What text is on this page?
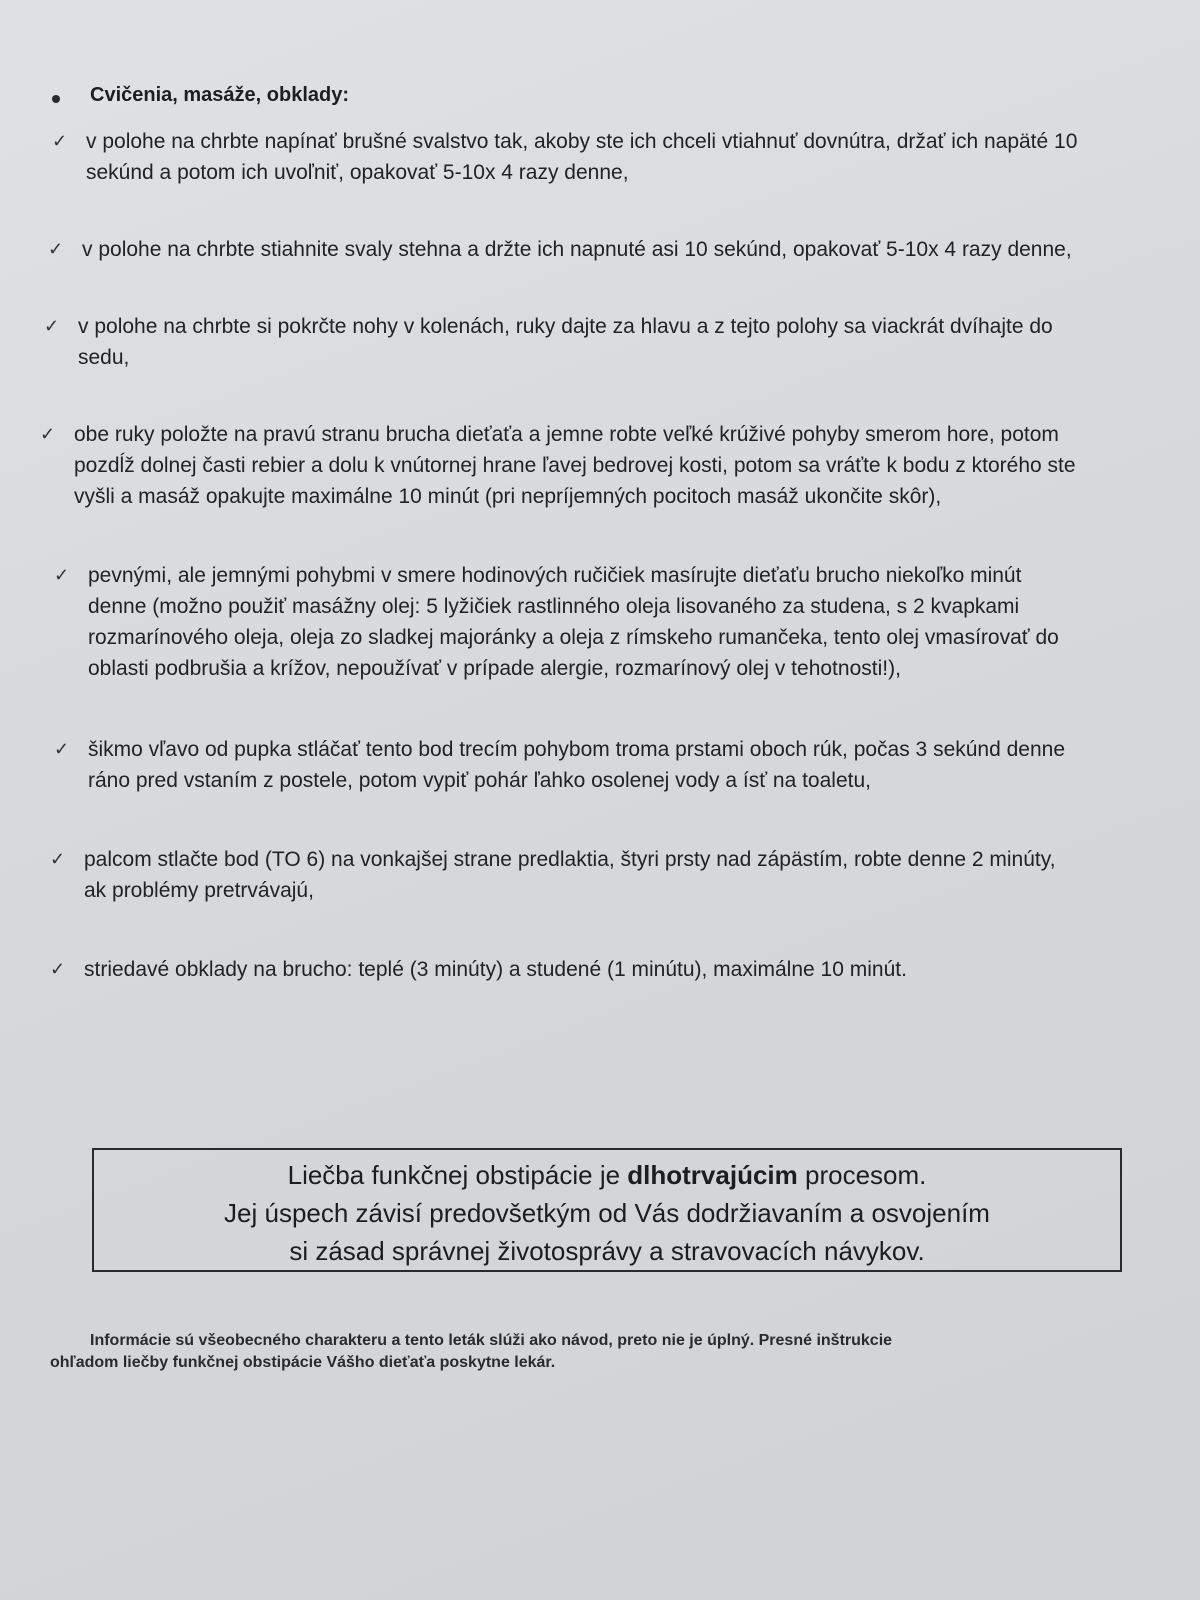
Cvičenia, masáže, obklady:
✓ v polohe na chrbte napínať brušné svalstvo tak, akoby ste ich chceli vtiahnuť dovnútra, držať ich napäté 10 sekúnd a potom ich uvoľniť, opakovať 5-10x 4 razy denne,
✓ v polohe na chrbte stiahnite svaly stehna a držte ich napnuté asi 10 sekúnd, opakovať 5-10x 4 razy denne,
✓ v polohe na chrbte si pokrčte nohy v kolenách, ruky dajte za hlavu a z tejto polohy sa viackrát dvíhajte do sedu,
✓ obe ruky položte na pravú stranu brucha dieťaťa a jemne robte veľké krúživé pohyby smerom hore, potom pozdĺž dolnej časti rebier a dolu k vnútornej hrane ľavej bedrovej kosti, potom sa vráťte k bodu z ktorého ste vyšli a masáž opakujte maximálne 10 minút (pri nepríjemných pocitoch masáž ukončite skôr),
✓ pevnými, ale jemnými pohybmi v smere hodinových ručičiek masírujte dieťaťu brucho niekoľko minút denne (možno použiť masážny olej: 5 lyžičiek rastlinného oleja lisovaného za studena, s 2 kvapkami rozmarínového oleja, oleja zo sladkej majoránky a oleja z rímskeho rumančeka, tento olej vmasírovať do oblasti podbrušia a krížov, nepoužívať v prípade alergie, rozmarínový olej v tehotnosti!),
✓ šikmo vľavo od pupka stláčať tento bod trecím pohybom troma prstami oboch rúk, počas 3 sekúnd denne ráno pred vstaním z postele, potom vypiť pohár ľahko osolenej vody a ísť na toaletu,
✓ palcom stlačte bod (TO 6) na vonkajšej strane predlaktia, štyri prsty nad zápästím, robte denne 2 minúty, ak problémy pretrvávajú,
✓ striedavé obklady na brucho: teplé (3 minúty) a studené (1 minútu), maximálne 10 minút.
Liečba funkčnej obstipácie je dlhotrvajúcim procesom.
Jej úspech závisí predovšetkým od Vás dodržiavaním a osvojením
si zásad správnej životosprávy a stravovacích návykov.
Informácie sú všeobecného charakteru a tento leták slúži ako návod, preto nie je úplný. Presné inštrukcie
ohľadom liečby funkčnej obstipácie Vášho dieťaťa poskytne lekár.
